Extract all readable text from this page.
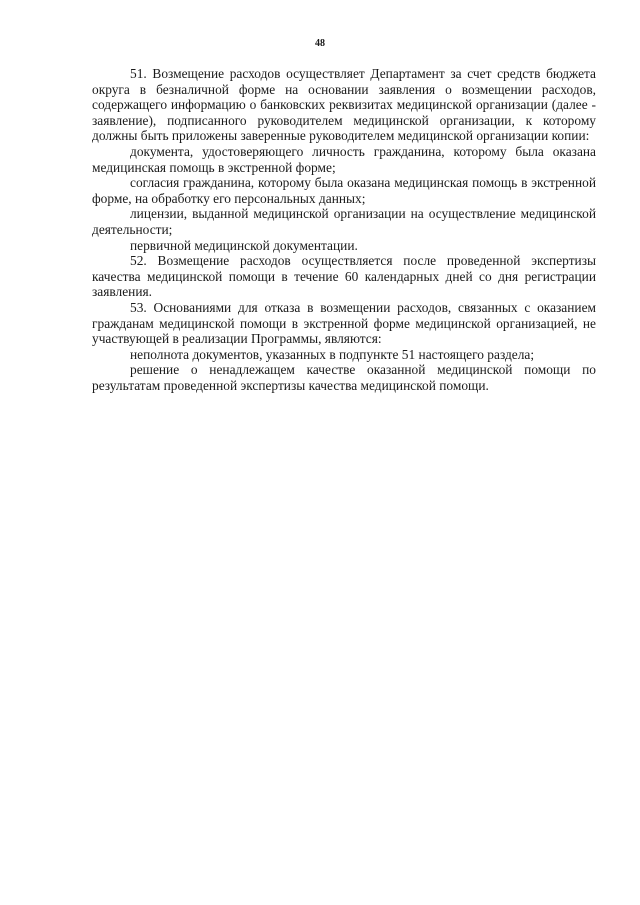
48

51. Возмещение расходов осуществляет Департамент за счет средств бюджета округа в безналичной форме на основании заявления о возмещении расходов, содержащего информацию о банковских реквизитах медицинской организации (далее - заявление), подписанного руководителем медицинской организации, к которому должны быть приложены заверенные руководителем медицинской организации копии:

документа, удостоверяющего личность гражданина, которому была оказана медицинская помощь в экстренной форме;

согласия гражданина, которому была оказана медицинская помощь в экстренной форме, на обработку его персональных данных;

лицензии, выданной медицинской организации на осуществление медицинской деятельности;

первичной медицинской документации.

52. Возмещение расходов осуществляется после проведенной экспертизы качества медицинской помощи в течение 60 календарных дней со дня регистрации заявления.

53. Основаниями для отказа в возмещении расходов, связанных с оказанием гражданам медицинской помощи в экстренной форме медицинской организацией, не участвующей в реализации Программы, являются:

неполнота документов, указанных в подпункте 51 настоящего раздела;

решение о ненадлежащем качестве оказанной медицинской помощи по результатам проведенной экспертизы качества медицинской помощи.
